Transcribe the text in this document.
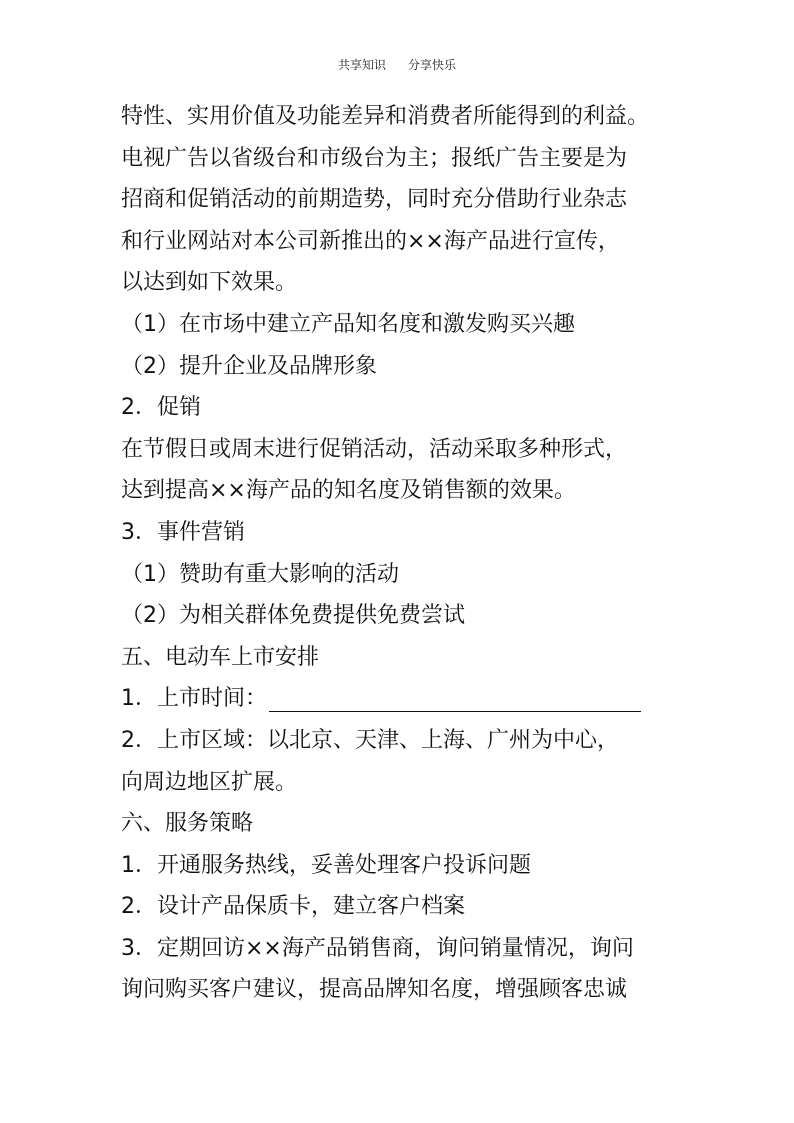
共享知识 分享快乐
特性、实用价值及功能差异和消费者所能得到的利益。
电视广告以省级台和市级台为主；报纸广告主要是为
招商和促销活动的前期造势，同时充分借助行业杂志
和行业网站对本公司新推出的××海产品进行宣传，
以达到如下效果。
（1）在市场中建立产品知名度和激发购买兴趣
（2）提升企业及品牌形象
2．促销
在节假日或周末进行促销活动，活动采取多种形式，
达到提高××海产品的知名度及销售额的效果。
3．事件营销
（1）赞助有重大影响的活动
（2）为相关群体免费提供免费尝试
五、电动车上市安排
1．上市时间：
2．上市区域：以北京、天津、上海、广州为中心，
向周边地区扩展。
六、服务策略
1．开通服务热线，妥善处理客户投诉问题
2．设计产品保质卡，建立客户档案
3．定期回访××海产品销售商，询问销量情况，询问
询问购买客户建议，提高品牌知名度，增强顾客忠诚
